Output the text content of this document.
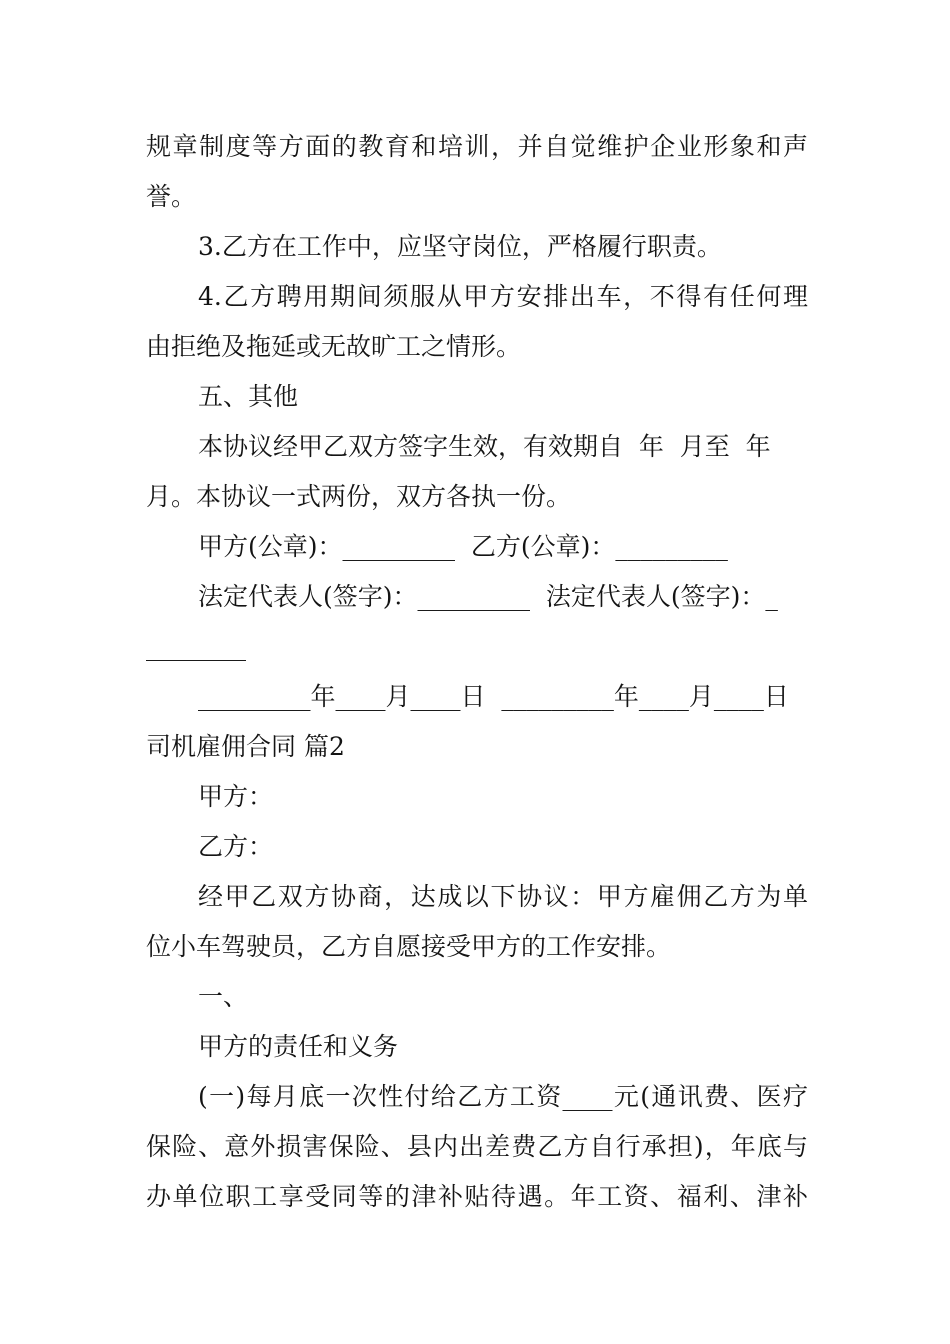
规章制度等方面的教育和培训，并自觉维护企业形象和声
誉。
3.乙方在工作中，应坚守岗位，严格履行职责。
4.乙方聘用期间须服从甲方安排出车，不得有任何理
由拒绝及拖延或无故旷工之情形。
五、其他
本协议经甲乙双方签字生效，有效期自  年  月至  年
月。本协议一式两份，双方各执一份。
甲方(公章)：_________  乙方(公章)：_________
法定代表人(签字)：_________  法定代表人(签字)：_
________
_________年____月____日  _________年____月____日
司机雇佣合同 篇2
甲方：
乙方：
经甲乙双方协商，达成以下协议：甲方雇佣乙方为单
位小车驾驶员，乙方自愿接受甲方的工作安排。
一、
甲方的责任和义务
(一)每月底一次性付给乙方工资____元(通讯费、医疗
保险、意外损害保险、县内出差费乙方自行承担)，年底与
办单位职工享受同等的津补贴待遇。年工资、福利、津补
